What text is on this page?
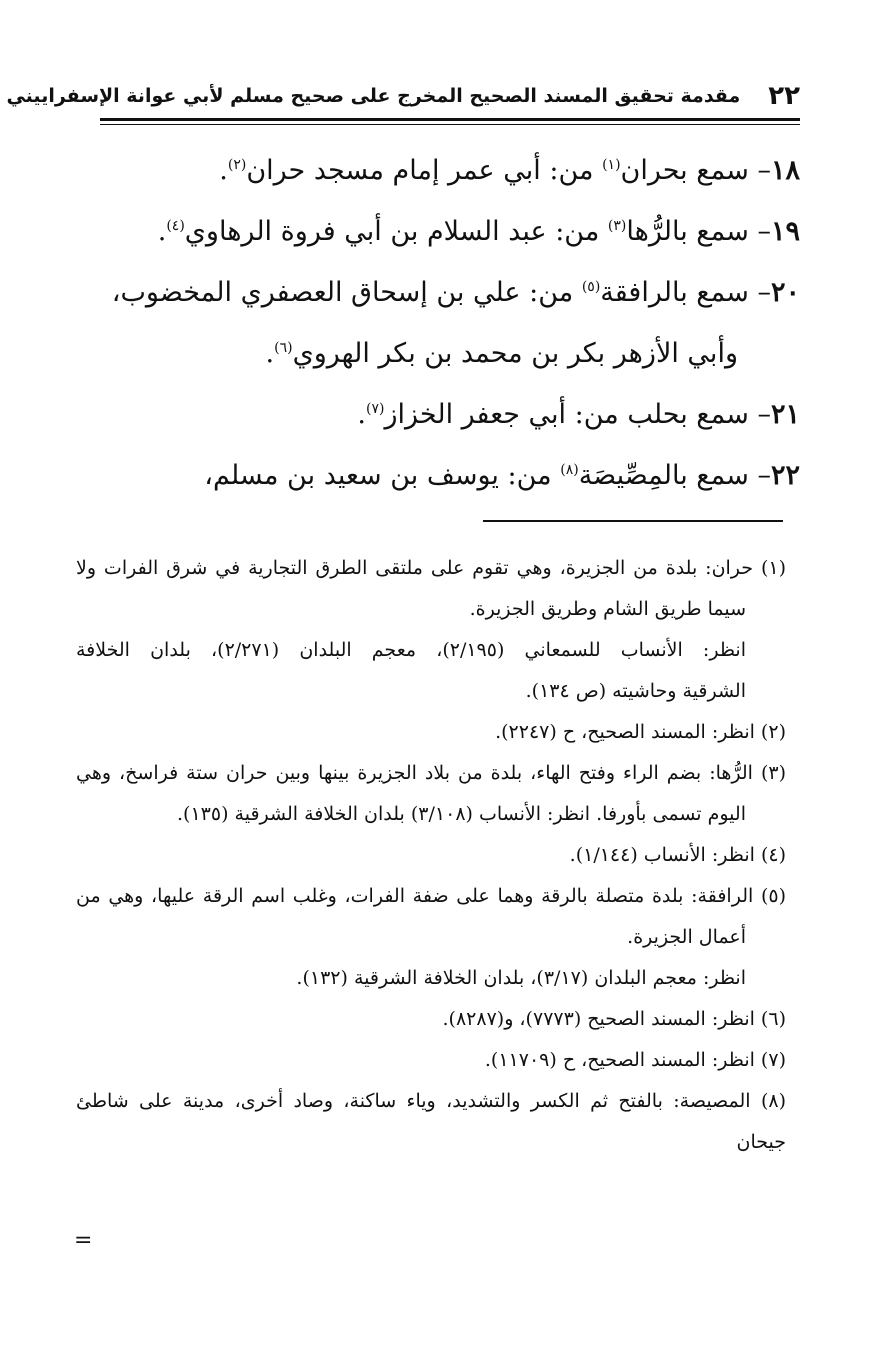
٢٢
مقدمة تحقيق المسند الصحيح المخرج على صحيح مسلم لأبي عوانة الإسفراييني
١٨– سمع بحران$^{(١)}$ من: أبي عمر إمام مسجد حران$^{(٢)}$.
١٩– سمع بالرُّها$^{(٣)}$ من: عبد السلام بن أبي فروة الرهاوي$^{(٤)}$.
٢٠– سمع بالرافقة$^{(٥)}$ من: علي بن إسحاق العصفري المخضوب،
وأبي الأزهر بكر بن محمد بن بكر الهروي$^{(٦)}$.
٢١– سمع بحلب من: أبي جعفر الخزاز$^{(٧)}$.
٢٢– سمع بالمِصِّيصَة$^{(٨)}$ من: يوسف بن سعيد بن مسلم،
(١) حران: بلدة من الجزيرة، وهي تقوم على ملتقى الطرق التجارية في شرق الفرات ولا
سيما طريق الشام وطريق الجزيرة.
انظر: الأنساب للسمعاني (٢/١٩٥)، معجم البلدان (٢/٢٧١)، بلدان الخلافة
الشرقية وحاشيته (ص ١٣٤).
(٢) انظر: المسند الصحيح، ح (٢٢٤٧).
(٣) الرُّها: بضم الراء وفتح الهاء، بلدة من بلاد الجزيرة بينها وبين حران ستة فراسخ، وهي
اليوم تسمى بأورفا. انظر: الأنساب (٣/١٠٨) بلدان الخلافة الشرقية (١٣٥).
(٤) انظر: الأنساب (١/١٤٤).
(٥) الرافقة: بلدة متصلة بالرقة وهما على ضفة الفرات، وغلب اسم الرقة عليها، وهي من
أعمال الجزيرة.
انظر: معجم البلدان (٣/١٧)، بلدان الخلافة الشرقية (١٣٢).
(٦) انظر: المسند الصحيح (٧٧٧٣)، و(٨٢٨٧).
(٧) انظر: المسند الصحيح، ح (١١٧٠٩).
(٨) المصيصة: بالفتح ثم الكسر والتشديد، وياء ساكنة، وصاد أخرى، مدينة على شاطئ جيحان
=
